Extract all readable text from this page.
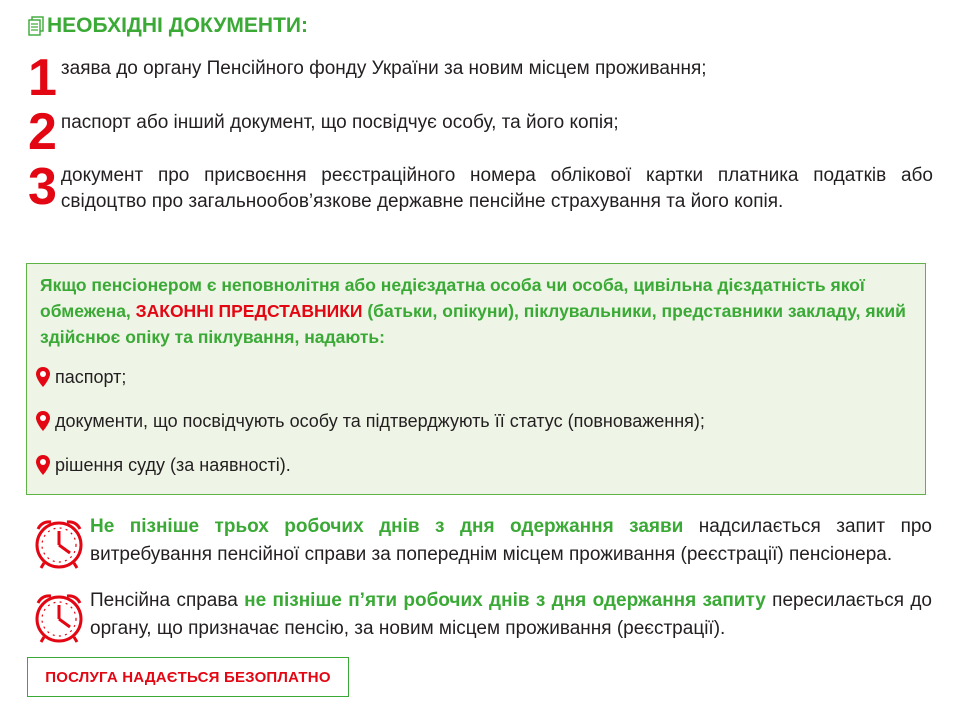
НЕОБХІДНІ ДОКУМЕНТИ:
1 заява до органу Пенсійного фонду України за новим місцем проживання;
2 паспорт або інший документ, що посвідчує особу, та його копія;
3 документ про присвоєння реєстраційного номера облікової картки платника податків або свідоцтво про загальнообов’язкове державне пенсійне страхування та його копія.
Якщо пенсіонером є неповнолітня або недієздатна особа чи особа, цивільна дієздатність якої обмежена, ЗАКОННІ ПРЕДСТАВНИКИ (батьки, опікуни), піклувальники, представники закладу, який здійснює опіку та піклування, надають:
паспорт;
документи, що посвідчують особу та підтверджують її статус (повноваження);
рішення суду (за наявності).
Не пізніше трьох робочих днів з дня одержання заяви надсилається запит про витребування пенсійної справи за попереднім місцем проживання (реєстрації) пенсіонера.
Пенсійна справа не пізніше п’яти робочих днів з дня одержання запиту пересилається до органу, що призначає пенсію, за новим місцем проживання (реєстрації).
ПОСЛУГА НАДАЄТЬСЯ БЕЗОПЛАТНО
